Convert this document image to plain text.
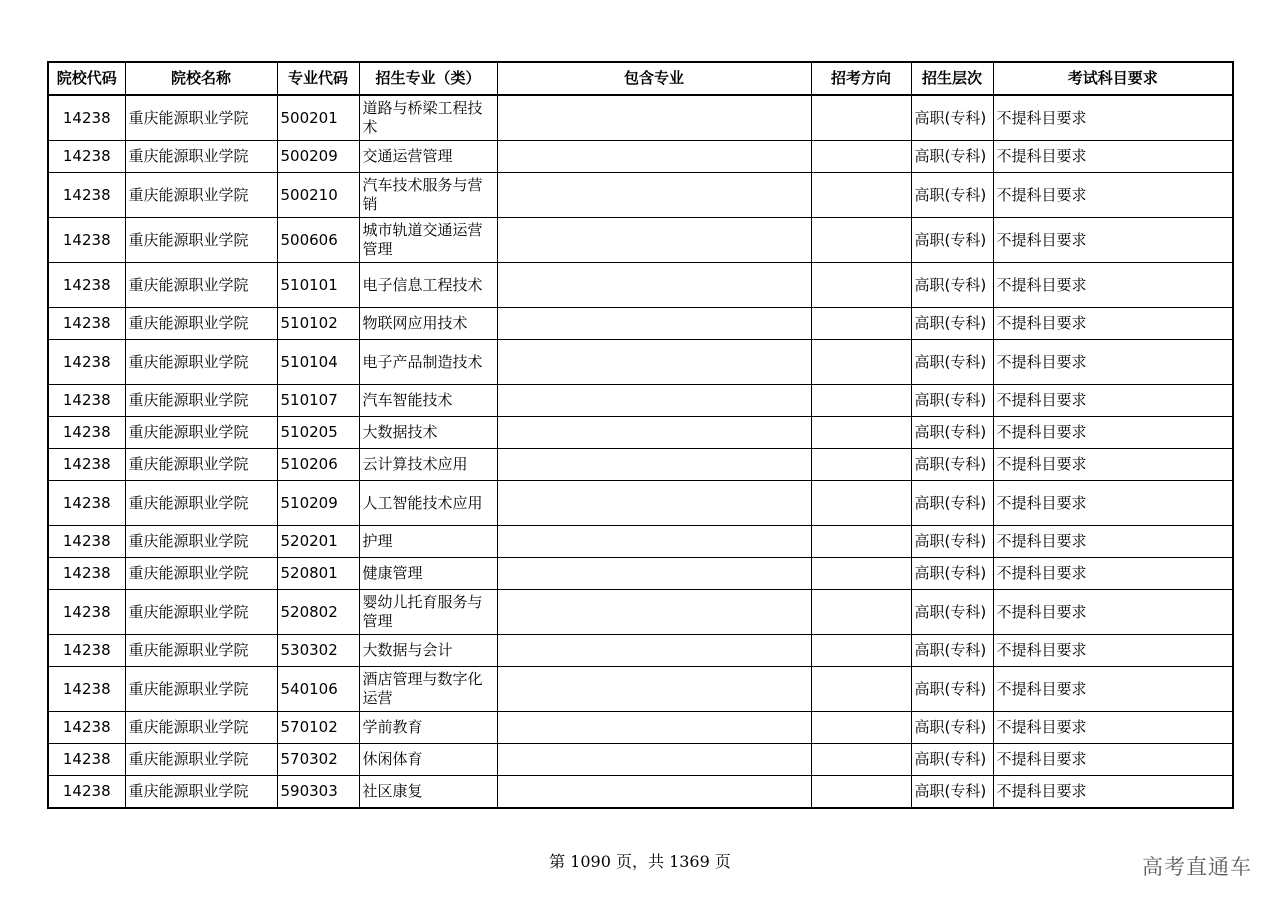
院校代码	院校名称	专业代码	招生专业（类）	包含专业	招考方向	招生层次	考试科目要求
14238	重庆能源职业学院	500201	道路与桥梁工程技术			高职(专科)	不提科目要求
14238	重庆能源职业学院	500209	交通运营管理			高职(专科)	不提科目要求
14238	重庆能源职业学院	500210	汽车技术服务与营销			高职(专科)	不提科目要求
14238	重庆能源职业学院	500606	城市轨道交通运营管理			高职(专科)	不提科目要求
14238	重庆能源职业学院	510101	电子信息工程技术			高职(专科)	不提科目要求
14238	重庆能源职业学院	510102	物联网应用技术			高职(专科)	不提科目要求
14238	重庆能源职业学院	510104	电子产品制造技术			高职(专科)	不提科目要求
14238	重庆能源职业学院	510107	汽车智能技术			高职(专科)	不提科目要求
14238	重庆能源职业学院	510205	大数据技术			高职(专科)	不提科目要求
14238	重庆能源职业学院	510206	云计算技术应用			高职(专科)	不提科目要求
14238	重庆能源职业学院	510209	人工智能技术应用			高职(专科)	不提科目要求
14238	重庆能源职业学院	520201	护理			高职(专科)	不提科目要求
14238	重庆能源职业学院	520801	健康管理			高职(专科)	不提科目要求
14238	重庆能源职业学院	520802	婴幼儿托育服务与管理			高职(专科)	不提科目要求
14238	重庆能源职业学院	530302	大数据与会计			高职(专科)	不提科目要求
14238	重庆能源职业学院	540106	酒店管理与数字化运营			高职(专科)	不提科目要求
14238	重庆能源职业学院	570102	学前教育			高职(专科)	不提科目要求
14238	重庆能源职业学院	570302	休闲体育			高职(专科)	不提科目要求
14238	重庆能源职业学院	590303	社区康复			高职(专科)	不提科目要求
第 1090 页，共 1369 页	高考直通车
